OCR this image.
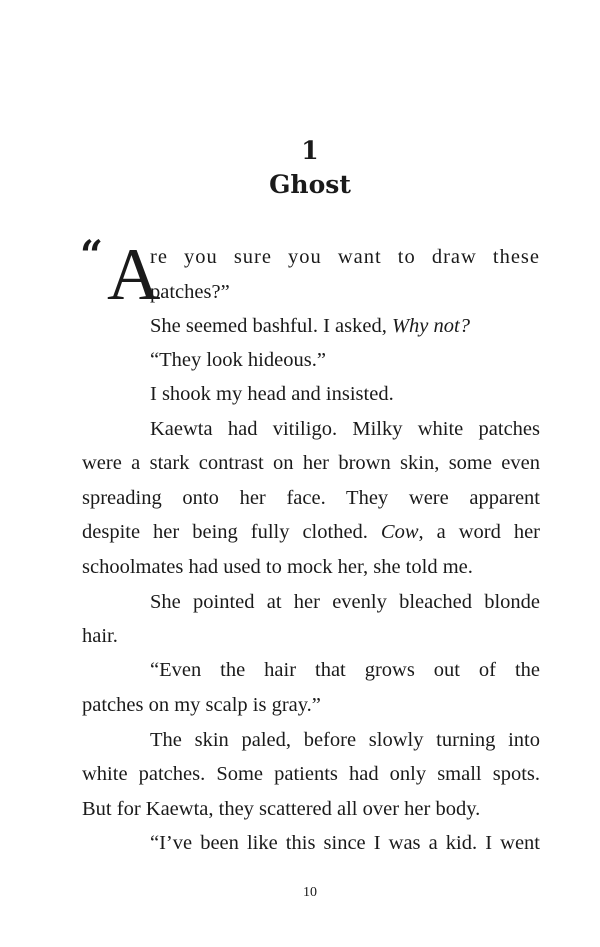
1
Ghost
“ A
re you sure you want to draw these
patches?”
She seemed bashful. I asked, Why not?
“They look hideous.”
I shook my head and insisted.
Kaewta had vitiligo. Milky white patches
were a stark contrast on her brown skin, some even
spreading onto her face. They were apparent
despite her being fully clothed. Cow, a word her
schoolmates had used to mock her, she told me.
She pointed at her evenly bleached blonde
hair.
“Even the hair that grows out of the
patches on my scalp is gray.”
The skin paled, before slowly turning into
white patches. Some patients had only small spots.
But for Kaewta, they scattered all over her body.
“I’ve been like this since I was a kid. I went
10
